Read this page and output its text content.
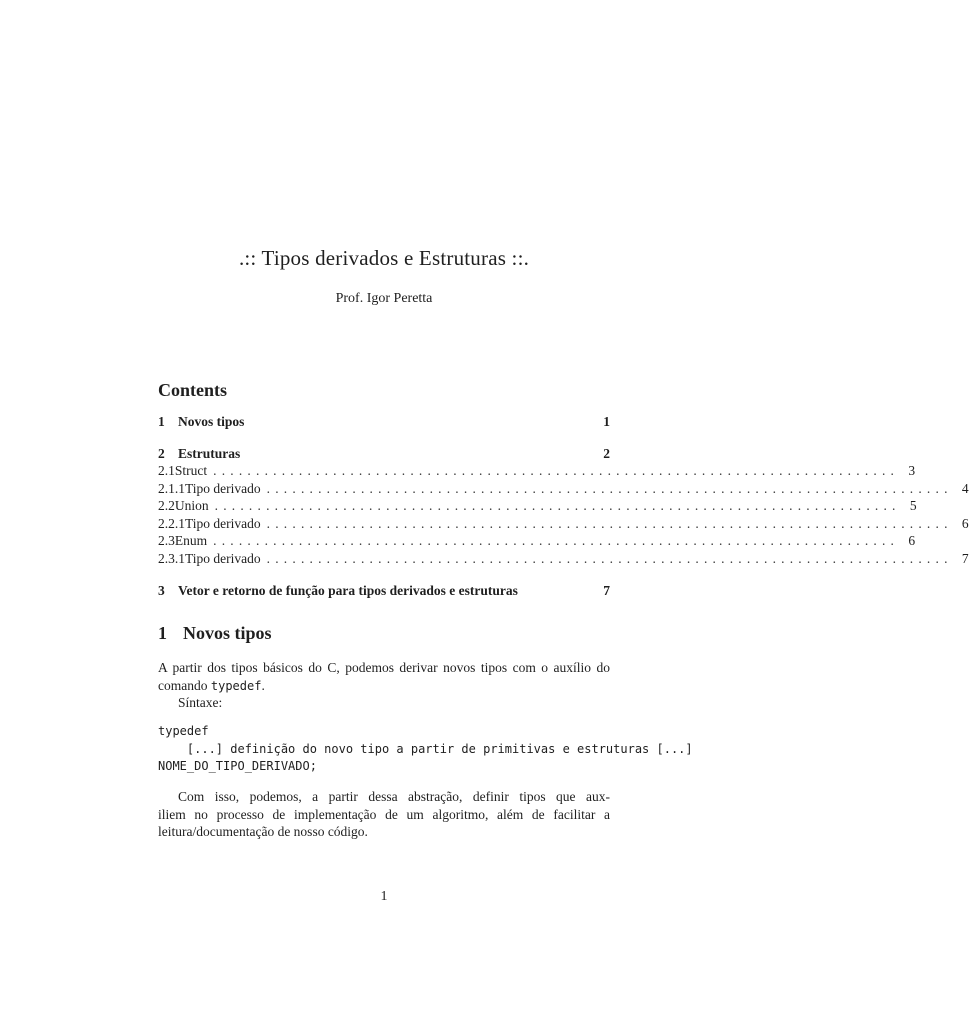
.:: Tipos derivados e Estruturas ::.
Prof. Igor Peretta
Contents
1 Novos tipos	1
2 Estruturas	2
2.1 Struct ................................................................................ 3
2.1.1 Tipo derivado ................................................................................ 4
2.2 Union ................................................................................ 5
2.2.1 Tipo derivado ................................................................................ 6
2.3 Enum ................................................................................ 6
2.3.1 Tipo derivado ................................................................................ 7
3 Vetor e retorno de função para tipos derivados e estruturas	7
1 Novos tipos
A partir dos tipos básicos do C, podemos derivar novos tipos com o auxílio do comando typedef.
Síntaxe:
typedef
[...] definição do novo tipo a partir de primitivas e estruturas [...]
NOME_DO_TIPO_DERIVADO;
Com isso, podemos, a partir dessa abstração, definir tipos que aux-
iliem no processo de implementação de um algoritmo, além de facilitar a
leitura/documentação de nosso código.
1
